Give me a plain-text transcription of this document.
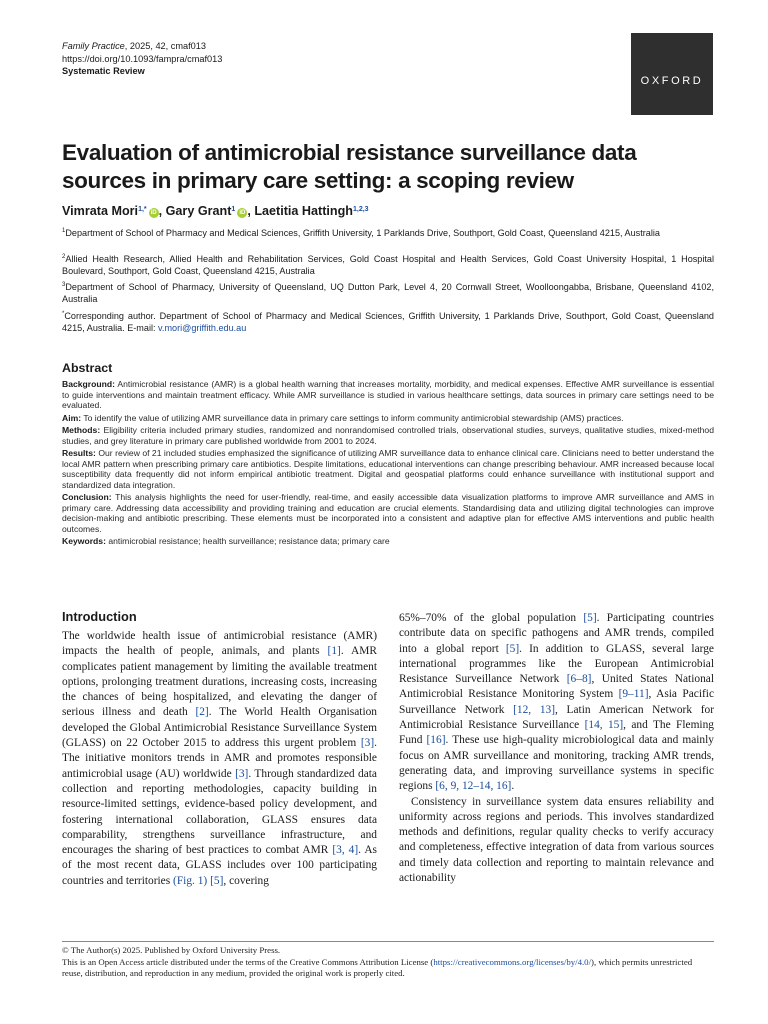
Family Practice, 2025, 42, cmaf013
https://doi.org/10.1093/fampra/cmaf013
Systematic Review
OXFORD
Evaluation of antimicrobial resistance surveillance data sources in primary care setting: a scoping review
Vimrata Mori$^{1,*}$ iD , Gary Grant$^1$ iD , Laetitia Hattingh$^{1,2,3}$
$^1$Department of School of Pharmacy and Medical Sciences, Griffith University, 1 Parklands Drive, Southport, Gold Coast, Queensland 4215, Australia
$^2$Allied Health Research, Allied Health and Rehabilitation Services, Gold Coast Hospital and Health Services, Gold Coast University Hospital, 1 Hospital Boulevard, Southport, Gold Coast, Queensland 4215, Australia
$^3$Department of School of Pharmacy, University of Queensland, UQ Dutton Park, Level 4, 20 Cornwall Street, Woolloongabba, Brisbane, Queensland 4102, Australia
*Corresponding author. Department of School of Pharmacy and Medical Sciences, Griffith University, 1 Parklands Drive, Southport, Gold Coast, Queensland 4215, Australia. E-mail: v.mori@griffith.edu.au
Abstract

Background: Antimicrobial resistance (AMR) is a global health warning that increases mortality, morbidity, and medical expenses. Effective AMR surveillance is essential to guide interventions and maintain treatment efficacy. While AMR surveillance is studied in various healthcare settings, data sources in primary care settings need to be evaluated.

Aim: To identify the value of utilizing AMR surveillance data in primary care settings to inform community antimicrobial stewardship (AMS) practices.

Methods: Eligibility criteria included primary studies, randomized and nonrandomised controlled trials, observational studies, surveys, qualitative studies, mixed-method studies, and grey literature in primary care published worldwide from 2001 to 2024.

Results: Our review of 21 included studies emphasized the significance of utilizing AMR surveillance data to enhance clinical care. Clinicians need to better understand the local AMR pattern when prescribing primary care antibiotics. Despite limitations, educational interventions can change prescribing behaviour. AMR increased because local susceptibility data frequently did not inform empirical antibiotic treatment. Digital and geospatial platforms could enhance surveillance with institutional support and standardized data integration.

Conclusion: This analysis highlights the need for user-friendly, real-time, and easily accessible data visualization platforms to improve AMR surveillance and AMS in primary care. Addressing data accessibility and providing training and education are crucial elements. Standardising data and utilizing digital technologies can improve decision-making and antibiotic prescribing. These elements must be incorporated into a consistent and adaptive plan for effective AMS interventions and public health outcomes.

Keywords: antimicrobial resistance; health surveillance; resistance data; primary care

Introduction

The worldwide health issue of antimicrobial resistance (AMR) impacts the health of people, animals, and plants [1]. AMR complicates patient management by limiting the available treatment options, prolonging treatment durations, increasing costs, increasing the chances of being hospitalized, and elevating the danger of serious illness and death [2]. The World Health Organisation developed the Global Antimicrobial Resistance Surveillance System (GLASS) on 22 October 2015 to address this urgent problem [3]. The initiative monitors trends in AMR and promotes responsible antimicrobial usage (AU) worldwide [3]. Through standardized data collection and reporting methodologies, capacity building in resource-limited settings, evidence-based policy development, and fostering international collaboration, GLASS ensures data comparability, strengthens surveillance infrastructure, and encourages the sharing of best practices to combat AMR [3, 4]. As of the most recent data, GLASS includes over 100 participating countries and territories (Fig. 1) [5], covering

65%–70% of the global population [5]. Participating countries contribute data on specific pathogens and AMR trends, compiled into a global report [5]. In addition to GLASS, several large international programmes like the European Antimicrobial Resistance Surveillance Network [6–8], United States National Antimicrobial Resistance Monitoring System [9–11], Asia Pacific Surveillance Network [12, 13], Latin American Network for Antimicrobial Resistance Surveillance [14, 15], and The Fleming Fund [16]. These use high-quality microbiological data and mainly focus on AMR surveillance and monitoring, tracking AMR trends, generating data, and improving surveillance systems in specific regions [6, 9, 12–14, 16].

Consistency in surveillance system data ensures reliability and uniformity across regions and periods. This involves standardized methods and definitions, regular quality checks to verify accuracy and completeness, effective integration of data from various sources and timely data collection and reporting to maintain relevance and actionability

© The Author(s) 2025. Published by Oxford University Press.
This is an Open Access article distributed under the terms of the Creative Commons Attribution License (https://creativecommons.org/licenses/by/4.0/), which permits unrestricted reuse, distribution, and reproduction in any medium, provided the original work is properly cited.
